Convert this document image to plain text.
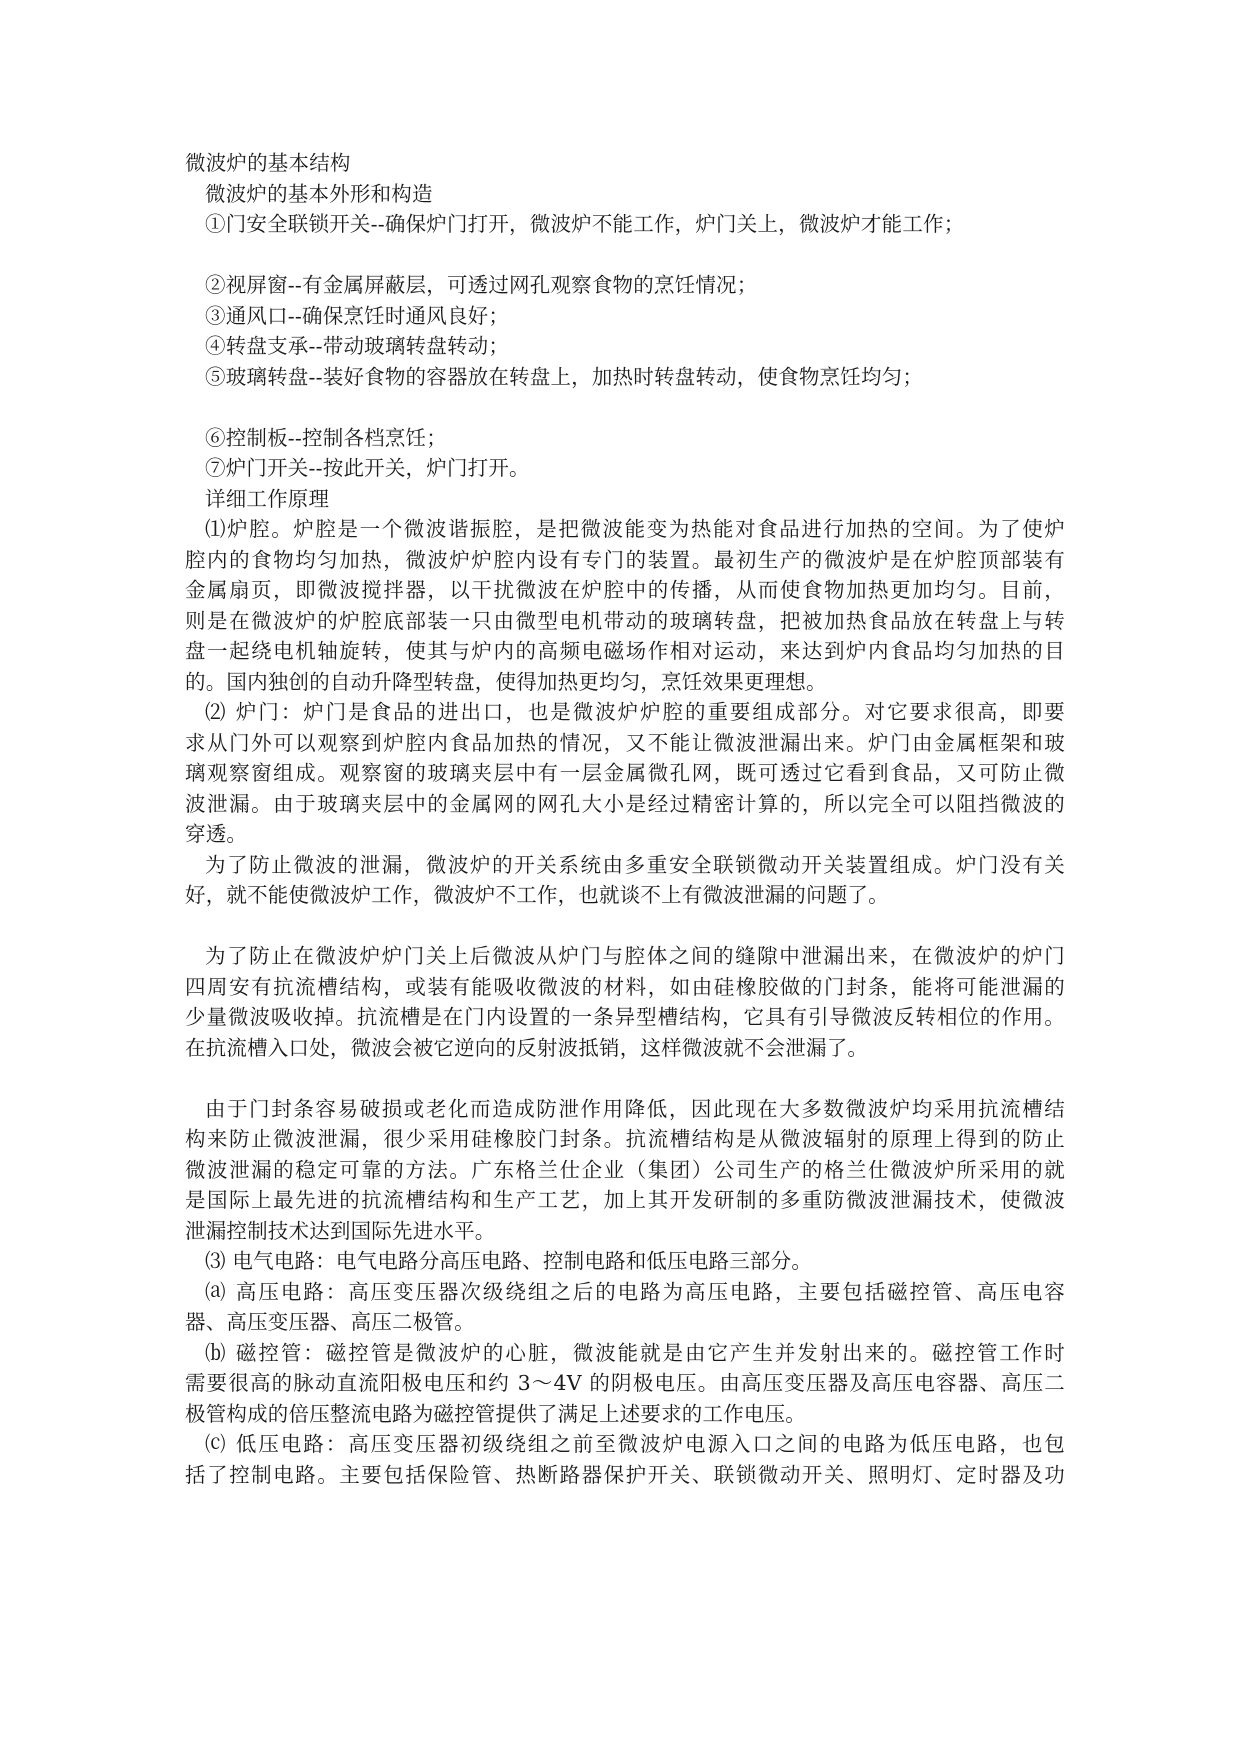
微波炉的基本结构
微波炉的基本外形和构造
①门安全联锁开关--确保炉门打开，微波炉不能工作，炉门关上，微波炉才能工作；
②视屏窗--有金属屏蔽层，可透过网孔观察食物的烹饪情况；
③通风口--确保烹饪时通风良好；
④转盘支承--带动玻璃转盘转动；
⑤玻璃转盘--装好食物的容器放在转盘上，加热时转盘转动，使食物烹饪均匀；
⑥控制板--控制各档烹饪；
⑦炉门开关--按此开关，炉门打开。
详细工作原理
⑴炉腔。炉腔是一个微波谐振腔，是把微波能变为热能对食品进行加热的空间。为了使炉
腔内的食物均匀加热，微波炉炉腔内设有专门的装置。最初生产的微波炉是在炉腔顶部装有
金属扇页，即微波搅拌器，以干扰微波在炉腔中的传播，从而使食物加热更加均匀。目前，
则是在微波炉的炉腔底部装一只由微型电机带动的玻璃转盘，把被加热食品放在转盘上与转
盘一起绕电机轴旋转，使其与炉内的高频电磁场作相对运动，来达到炉内食品均匀加热的目
的。国内独创的自动升降型转盘，使得加热更均匀，烹饪效果更理想。
⑵ 炉门：炉门是食品的进出口，也是微波炉炉腔的重要组成部分。对它要求很高，即要
求从门外可以观察到炉腔内食品加热的情况，又不能让微波泄漏出来。炉门由金属框架和玻
璃观察窗组成。观察窗的玻璃夹层中有一层金属微孔网，既可透过它看到食品，又可防止微
波泄漏。由于玻璃夹层中的金属网的网孔大小是经过精密计算的，所以完全可以阻挡微波的
穿透。
为了防止微波的泄漏，微波炉的开关系统由多重安全联锁微动开关装置组成。炉门没有关
好，就不能使微波炉工作，微波炉不工作，也就谈不上有微波泄漏的问题了。
为了防止在微波炉炉门关上后微波从炉门与腔体之间的缝隙中泄漏出来，在微波炉的炉门
四周安有抗流槽结构，或装有能吸收微波的材料，如由硅橡胶做的门封条，能将可能泄漏的
少量微波吸收掉。抗流槽是在门内设置的一条异型槽结构，它具有引导微波反转相位的作用。
在抗流槽入口处，微波会被它逆向的反射波抵销，这样微波就不会泄漏了。
由于门封条容易破损或老化而造成防泄作用降低，因此现在大多数微波炉均采用抗流槽结
构来防止微波泄漏，很少采用硅橡胶门封条。抗流槽结构是从微波辐射的原理上得到的防止
微波泄漏的稳定可靠的方法。广东格兰仕企业（集团）公司生产的格兰仕微波炉所采用的就
是国际上最先进的抗流槽结构和生产工艺，加上其开发研制的多重防微波泄漏技术，使微波
泄漏控制技术达到国际先进水平。
⑶ 电气电路：电气电路分高压电路、控制电路和低压电路三部分。
⒜ 高压电路：高压变压器次级绕组之后的电路为高压电路，主要包括磁控管、高压电容
器、高压变压器、高压二极管。
⒝ 磁控管：磁控管是微波炉的心脏，微波能就是由它产生并发射出来的。磁控管工作时
需要很高的脉动直流阳极电压和约 3～4V 的阴极电压。由高压变压器及高压电容器、高压二
极管构成的倍压整流电路为磁控管提供了满足上述要求的工作电压。
⒞ 低压电路：高压变压器初级绕组之前至微波炉电源入口之间的电路为低压电路，也包
括了控制电路。主要包括保险管、热断路器保护开关、联锁微动开关、照明灯、定时器及功
